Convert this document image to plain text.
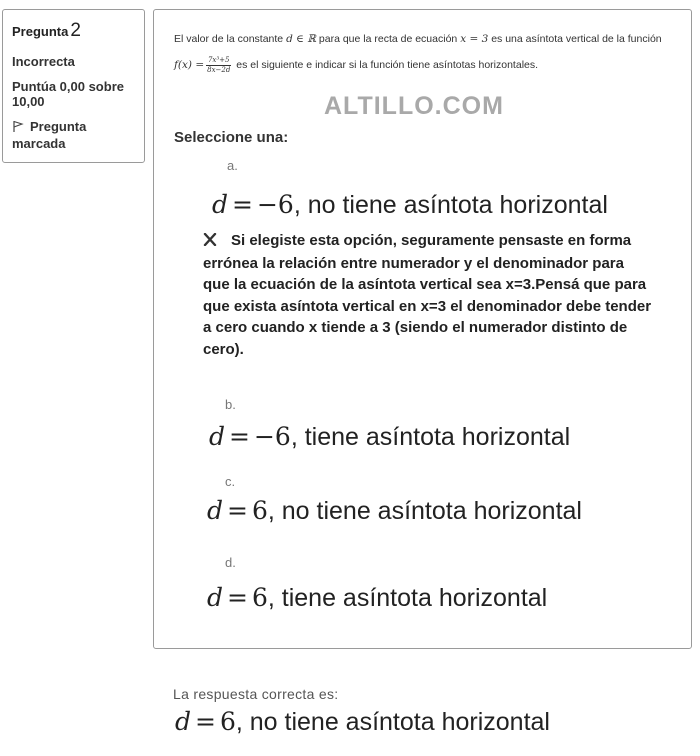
Pregunta 2
Incorrecta
Puntúa 0,00 sobre 10,00
Pregunta marcada
El valor de la constante d ∈ ℝ para que la recta de ecuación x = 3 es una asíntota vertical de la función $f(x) = \frac{\text{7x³+5}}{8x-2d}$ es el siguiente e indicar si la función tiene asíntotas horizontales.
ALTILLO.COM
Seleccione una:
a.
d = −6, no tiene asíntota horizontal
Si elegiste esta opción, seguramente pensaste en forma errónea la relación entre numerador y el denominador para que la ecuación de la asíntota vertical sea x=3.Pensá que para que exista asíntota vertical en x=3 el denominador debe tender a cero cuando x tiende a 3 (siendo el numerador distinto de cero).
b.
d = −6, tiene asíntota horizontal
c.
d = 6, no tiene asíntota horizontal
d.
d = 6, tiene asíntota horizontal
La respuesta correcta es:
d = 6, no tiene asíntota horizontal
